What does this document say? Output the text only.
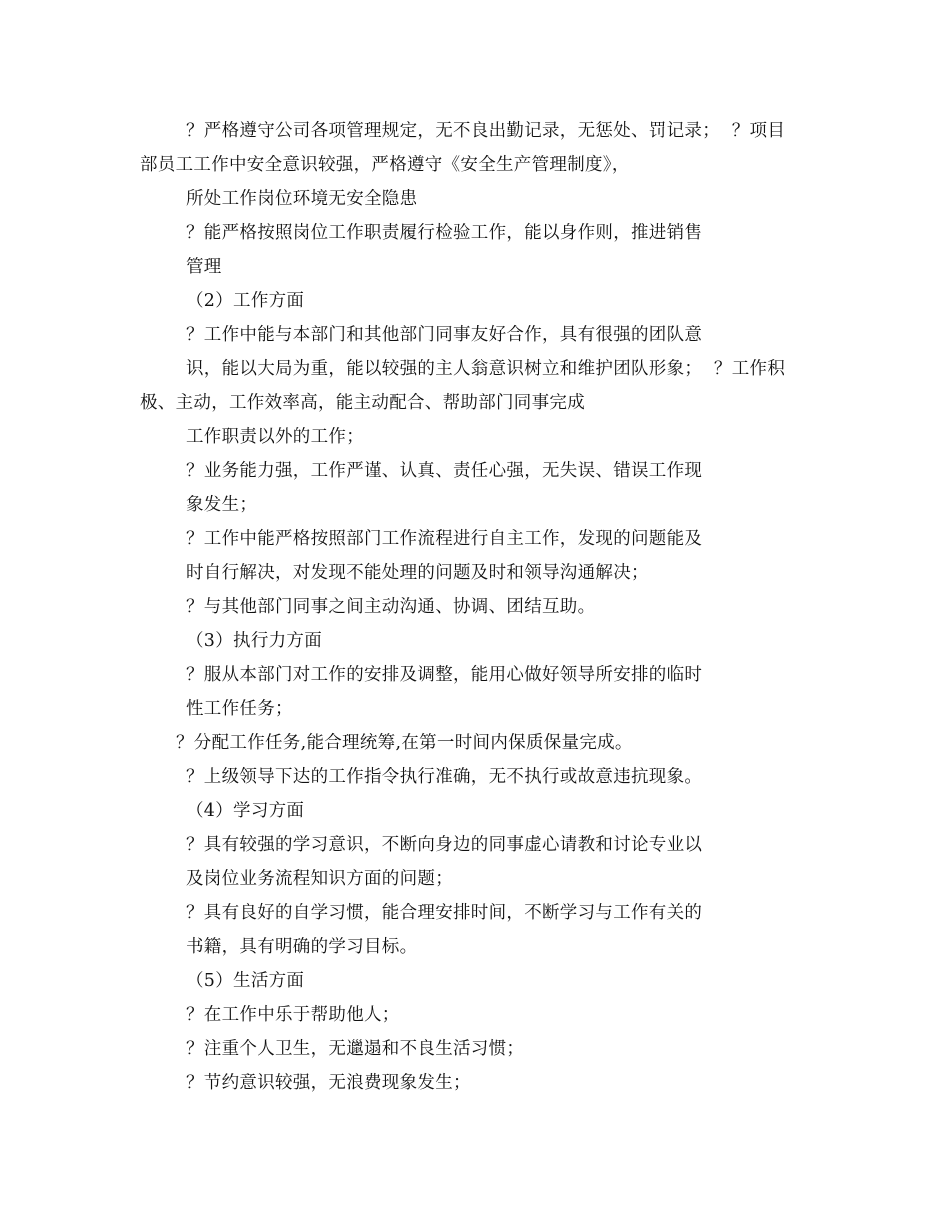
？严格遵守公司各项管理规定，无不良出勤记录，无惩处、罚记录；  ？项目
部员工工作中安全意识较强，严格遵守《安全生产管理制度》，
所处工作岗位环境无安全隐患
？能严格按照岗位工作职责履行检验工作，能以身作则，推进销售
管理
（2）工作方面
？工作中能与本部门和其他部门同事友好合作，具有很强的团队意
识，能以大局为重，能以较强的主人翁意识树立和维护团队形象；  ？工作积
极、主动，工作效率高，能主动配合、帮助部门同事完成
工作职责以外的工作；
？业务能力强，工作严谨、认真、责任心强，无失误、错误工作现
象发生；
？工作中能严格按照部门工作流程进行自主工作，发现的问题能及
时自行解决，对发现不能处理的问题及时和领导沟通解决；
？与其他部门同事之间主动沟通、协调、团结互助。
（3）执行力方面
？服从本部门对工作的安排及调整，能用心做好领导所安排的临时
性工作任务；
？分配工作任务,能合理统筹,在第一时间内保质保量完成。
？上级领导下达的工作指令执行准确，无不执行或故意违抗现象。
（4）学习方面
？具有较强的学习意识，不断向身边的同事虚心请教和讨论专业以
及岗位业务流程知识方面的问题；
？具有良好的自学习惯，能合理安排时间，不断学习与工作有关的
书籍，具有明确的学习目标。
（5）生活方面
？在工作中乐于帮助他人；
？注重个人卫生，无邋遢和不良生活习惯；
？节约意识较强，无浪费现象发生；
